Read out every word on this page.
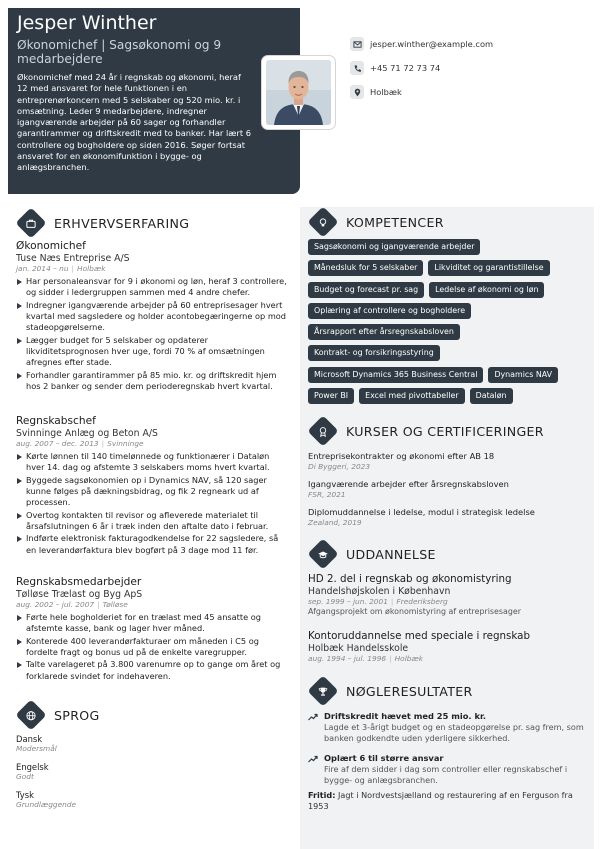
Jesper Winther
Økonomichef | Sagsøkonomi og 9 medarbejdere
Økonomichef med 24 år i regnskab og økonomi, heraf 12 med ansvaret for hele funktionen i en entreprenørkoncern med 5 selskaber og 520 mio. kr. i omsætning. Leder 9 medarbejdere, indregner igangværende arbejder på 60 sager og forhandler garantirammer og driftskredit med to banker. Har lært 6 controllere og bogholdere op siden 2016. Søger fortsat ansvaret for en økonomifunktion i bygge- og anlægsbranchen.
jesper.winther@example.com
+45 71 72 73 74
Holbæk
ERHVERVSERFARING
Økonomichef
Tuse Næs Entreprise A/S
jan. 2014 – nu | Holbæk
Har personaleansvar for 9 i økonomi og løn, heraf 3 controllere, og sidder i ledergruppen sammen med 4 andre chefer.
Indregner igangværende arbejder på 60 entreprisesager hvert kvartal med sagsledere og holder acontobegæringerne op mod stadeopgørelserne.
Lægger budget for 5 selskaber og opdaterer likviditetsprognosen hver uge, fordi 70 % af omsætningen afregnes efter stade.
Forhandler garantirammer på 85 mio. kr. og driftskredit hjem hos 2 banker og sender dem perioderegnskab hvert kvartal.
Regnskabschef
Svinninge Anlæg og Beton A/S
aug. 2007 – dec. 2013 | Svinninge
Kørte lønnen til 140 timelønnede og funktionærer i Dataløn hver 14. dag og afstemte 3 selskabers moms hvert kvartal.
Byggede sagsøkonomien op i Dynamics NAV, så 120 sager kunne følges på dækningsbidrag, og fik 2 regneark ud af processen.
Overtog kontakten til revisor og afleverede materialet til årsafslutningen 6 år i træk inden den aftalte dato i februar.
Indførte elektronisk fakturagodkendelse for 22 sagsledere, så en leverandørfaktura blev bogført på 3 dage mod 11 før.
Regnskabsmedarbejder
Tølløse Trælast og Byg ApS
aug. 2002 – jul. 2007 | Tølløse
Førte hele bogholderiet for en trælast med 45 ansatte og afstemte kasse, bank og lager hver måned.
Konterede 400 leverandørfakturaer om måneden i C5 og fordelte fragt og bonus ud på de enkelte varegrupper.
Talte varelageret på 3.800 varenumre op to gange om året og forklarede svindet for indehaveren.
SPROG
Dansk
Modersmål
Engelsk
Godt
Tysk
Grundlæggende
KOMPETENCER
Sagsøkonomi og igangværende arbejder
Månedsluk for 5 selskaber	Likviditet og garantistillelse
Budget og forecast pr. sag	Ledelse af økonomi og løn
Oplæring af controllere og bogholdere
Årsrapport efter årsregnskabsloven
Kontrakt- og forsikringsstyring
Microsoft Dynamics 365 Business Central	Dynamics NAV
Power BI	Excel med pivottabeller	Dataløn
KURSER OG CERTIFICERINGER
Entreprisekontrakter og økonomi efter AB 18
Di Byggeri, 2023
Igangværende arbejder efter årsregnskabsloven
FSR, 2021
Diplomuddannelse i ledelse, modul i strategisk ledelse
Zealand, 2019
UDDANNELSE
HD 2. del i regnskab og økonomistyring
Handelshøjskolen i København
sep. 1999 – jun. 2001 | Frederiksberg
Afgangsprojekt om økonomistyring af entreprisesager
Kontoruddannelse med speciale i regnskab
Holbæk Handelsskole
aug. 1994 – jul. 1996 | Holbæk
NØGLERESULTATER
Driftskredit hævet med 25 mio. kr.
Lagde et 3-årigt budget og en stadeopgørelse pr. sag frem, som banken godkendte uden yderligere sikkerhed.
Oplært 6 til større ansvar
Fire af dem sidder i dag som controller eller regnskabschef i bygge- og anlægsbranchen.
Fritid: Jagt i Nordvestsjælland og restaurering af en Ferguson fra 1953
